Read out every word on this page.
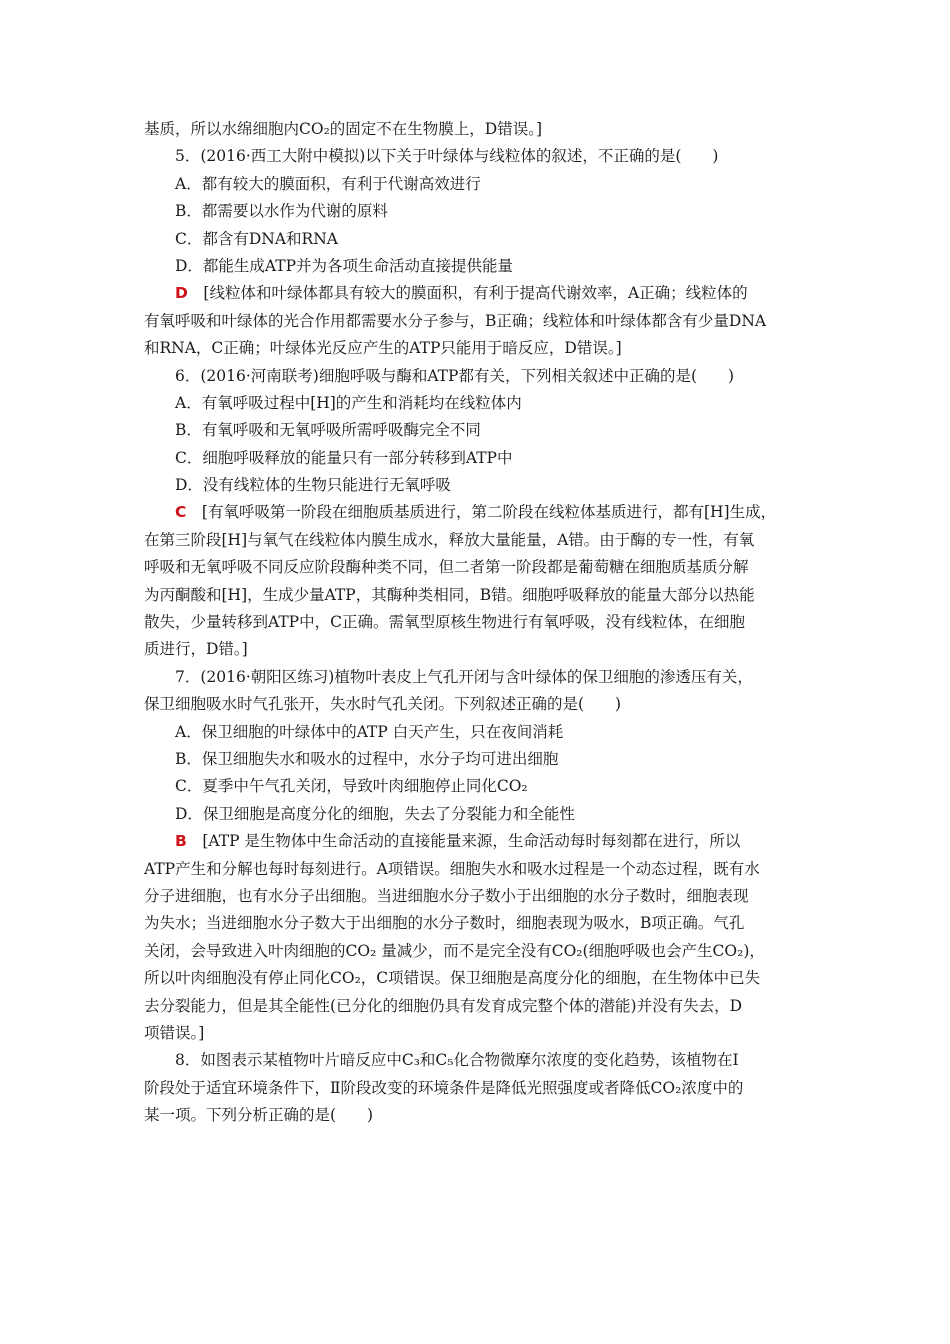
基质，所以水绵细胞内CO₂的固定不在生物膜上，D错误。]
5．(2016·西工大附中模拟)以下关于叶绿体与线粒体的叙述，不正确的是(　　)
A．都有较大的膜面积，有利于代谢高效进行
B．都需要以水作为代谢的原料
C．都含有DNA和RNA
D．都能生成ATP并为各项生命活动直接提供能量
D　 [线粒体和叶绿体都具有较大的膜面积，有利于提高代谢效率，A正确；线粒体的
有氧呼吸和叶绿体的光合作用都需要水分子参与，B正确；线粒体和叶绿体都含有少量DNA
和RNA，C正确；叶绿体光反应产生的ATP只能用于暗反应，D错误。]
6．(2016·河南联考)细胞呼吸与酶和ATP都有关，下列相关叙述中正确的是(　　)
A．有氧呼吸过程中[H]的产生和消耗均在线粒体内
B．有氧呼吸和无氧呼吸所需呼吸酶完全不同
C．细胞呼吸释放的能量只有一部分转移到ATP中
D．没有线粒体的生物只能进行无氧呼吸
C　 [有氧呼吸第一阶段在细胞质基质进行，第二阶段在线粒体基质进行，都有[H]生成，
在第三阶段[H]与氧气在线粒体内膜生成水，释放大量能量，A错。由于酶的专一性，有氧
呼吸和无氧呼吸不同反应阶段酶种类不同，但二者第一阶段都是葡萄糖在细胞质基质分解
为丙酮酸和[H]，生成少量ATP，其酶种类相同，B错。细胞呼吸释放的能量大部分以热能
散失，少量转移到ATP中，C正确。需氧型原核生物进行有氧呼吸，没有线粒体，在细胞
质进行，D错。]
7．(2016·朝阳区练习)植物叶表皮上气孔开闭与含叶绿体的保卫细胞的渗透压有关，
保卫细胞吸水时气孔张开，失水时气孔关闭。下列叙述正确的是(　　)
A．保卫细胞的叶绿体中的ATP 白天产生，只在夜间消耗
B．保卫细胞失水和吸水的过程中，水分子均可进出细胞
C．夏季中午气孔关闭，导致叶肉细胞停止同化CO₂
D．保卫细胞是高度分化的细胞，失去了分裂能力和全能性
B　 [ATP 是生物体中生命活动的直接能量来源，生命活动每时每刻都在进行，所以
ATP产生和分解也每时每刻进行。A项错误。细胞失水和吸水过程是一个动态过程，既有水
分子进细胞，也有水分子出细胞。当进细胞水分子数小于出细胞的水分子数时，细胞表现
为失水；当进细胞水分子数大于出细胞的水分子数时，细胞表现为吸水，B项正确。气孔
关闭，会导致进入叶肉细胞的CO₂ 量减少，而不是完全没有CO₂(细胞呼吸也会产生CO₂)，
所以叶肉细胞没有停止同化CO₂，C项错误。保卫细胞是高度分化的细胞，在生物体中已失
去分裂能力，但是其全能性(已分化的细胞仍具有发育成完整个体的潜能)并没有失去，D
项错误。]
8．如图表示某植物叶片暗反应中C₃和C₅化合物微摩尔浓度的变化趋势，该植物在Ⅰ
阶段处于适宜环境条件下，Ⅱ阶段改变的环境条件是降低光照强度或者降低CO₂浓度中的
某一项。下列分析正确的是(　　)
